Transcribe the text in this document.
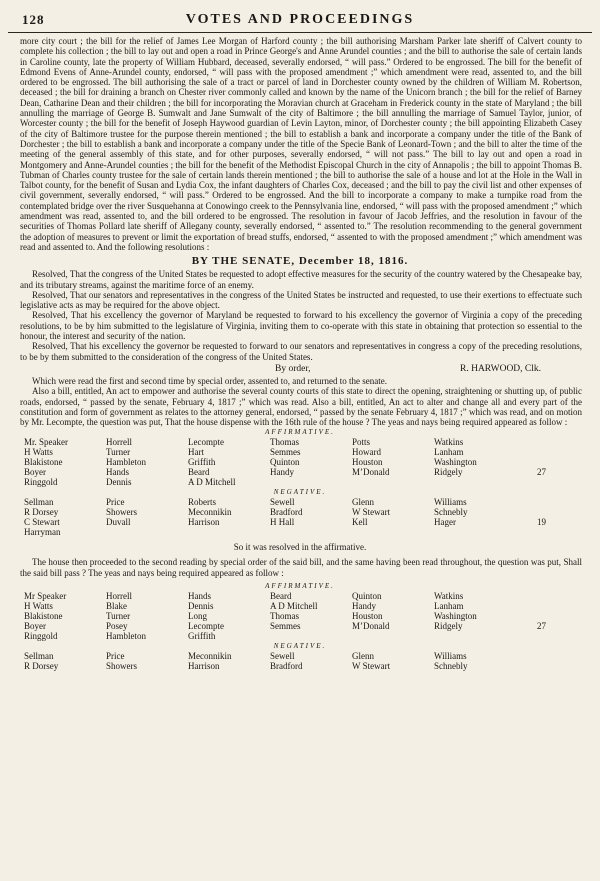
128	VOTES AND PROCEEDINGS

more city court ; the bill for the relief of James Lee Morgan of Harford county ; the bill authorising Marsham Parker late sheriff of Calvert county to complete his collection ; the bill to lay out and open a road in Prince George's and Anne Arundel counties ; and the bill to authorise the sale of certain lands in Caroline county, late the property of William Hubbard, deceased, severally endorsed, “ will pass.” Ordered to be engrossed. The bill for the benefit of Edmond Evens of Anne-Arundel county, endorsed, “ will pass with the proposed amendment ;” which amendment were read, assented to, and the bill ordered to be engrossed. The bill authorising the sale of a tract or parcel of land in Dorchester county owned by the children of William M. Robertson, deceased ; the bill for draining a branch on Chester river commonly called and known by the name of the Unicorn branch ; the bill for the relief of Barney Dean, Catharine Dean and their children ; the bill for incorporating the Moravian church at Graceham in Frederick county in the state of Maryland ; the bill annulling the marriage of George B. Sumwalt and Jane Sumwalt of the city of Baltimore ; the bill annulling the marriage of Samuel Taylor, junior, of Worcester county ; the bill for the benefit of Joseph Haywood guardian of Levin Layton, minor, of Dorchester county ; the bill appointing Elizabeth Casey of the city of Baltimore trustee for the purpose therein mentioned ; the bill to establish a bank and incorporate a company under the title of the Bank of Dorchester ; the bill to establish a bank and incorporate a company under the title of the Specie Bank of Leonard-Town ; and the bill to alter the time of the meeting of the general assembly of this state, and for other purposes, severally endorsed, “ will not pass.” The bill to lay out and open a road in Montgomery and Anne-Arundel counties ; the bill for the benefit of the Methodist Episcopal Church in the city of Annapolis ; the bill to appoint Thomas B. Tubman of Charles county trustee for the sale of certain lands therein mentioned ; the bill to authorise the sale of a house and lot at the Hole in the Wall in Talbot county, for the benefit of Susan and Lydia Cox, the infant daughters of Charles Cox, deceased ; and the bill to pay the civil list and other expenses of civil government, severally endorsed, “ will pass.” Ordered to be engrossed. And the bill to incorporate a company to make a turnpike road from the contemplated bridge over the river Susquehanna at Conowingo creek to the Pennsylvania line, endorsed, “ will pass with the proposed amendment ;” which amendment was read, assented to, and the bill ordered to be engrossed. The resolution in favour of Jacob Jeffries, and the resolution in favour of the securities of Thomas Pollard late sheriff of Allegany county, severally endorsed, “ assented to.” The resolution recommending to the general government the adoption of measures to prevent or limit the exportation of bread stuffs, endorsed, “ assented to with the proposed amendment ;” which amendment was read and assented to. And the following resolutions :

BY THE SENATE, December 18, 1816.

Resolved, That the congress of the United States be requested to adopt effective measures for the security of the country watered by the Chesapeake bay, and its tributary streams, against the maritime force of an enemy.

Resolved, That our senators and representatives in the congress of the United States be instructed and requested, to use their exertions to effectuate such legislative acts as may be required for the above object.

Resolved, That his excellency the governor of Maryland be requested to forward to his excellency the governor of Virginia a copy of the preceding resolutions, to be by him submitted to the legislature of Virginia, inviting them to co-operate with this state in obtaining that protection so essential to the honour, the interest and security of the nation.

Resolved, That his excellency the governor be requested to forward to our senators and representatives in congress a copy of the preceding resolutions, to be by them submitted to the consideration of the congress of the United States.

By order,	R. HARWOOD, Clk.

Which were read the first and second time by special order, assented to, and returned to the senate.

Also a bill, entitled, An act to empower and authorise the several county courts of this state to direct the opening, straightening or shutting up, of public roads, endorsed, “ passed by the senate, February 4, 1817 ;” which was read. Also a bill, entitled, An act to alter and change all and every part of the constitution and form of government as relates to the attorney general, endorsed, “ passed by the senate February 4, 1817 ;” which was read, and on motion by Mr. Lecompte, the question was put, That the house dispense with the 16th rule of the house ? The yeas and nays being required appeared as follow :

AFFIRMATIVE.
Mr. Speaker	Horrell	Lecompte	Thomas	Potts	Watkins	
H Watts	Turner	Hart	Semmes	Howard	Lanham	
Blakistone	Hambleton	Griffith	Quinton	Houston	Washington	
Boyer	Hands	Beard	Handy	M’Donald	Ridgely	27
Ringgold	Dennis	A D Mitchell				
NEGATIVE.
Sellman	Price	Roberts	Sewell	Glenn	Williams	
R Dorsey	Showers	Meconnikin	Bradford	W Stewart	Schnebly	
C Stewart	Duvall	Harrison	H Hall	Kell	Hager	19
Harryman						
So it was resolved in the affirmative.

The house then proceeded to the second reading by special order of the said bill, and the same having been read throughout, the question was put, Shall the said bill pass ? The yeas and nays being required appeared as follow :

AFFIRMATIVE.
Mr Speaker	Horrell	Hands	Beard	Quinton	Watkins	
H Watts	Blake	Dennis	A D Mitchell	Handy	Lanham	
Blakistone	Turner	Long	Thomas	Houston	Washington	
Boyer	Posey	Lecompte	Semmes	M’Donald	Ridgely	27
Ringgold	Hambleton	Griffith				
NEGATIVE.
Sellman	Price	Meconnikin	Sewell	Glenn	Williams	
R Dorsey	Showers	Harrison	Bradford	W Stewart	Schnebly	
